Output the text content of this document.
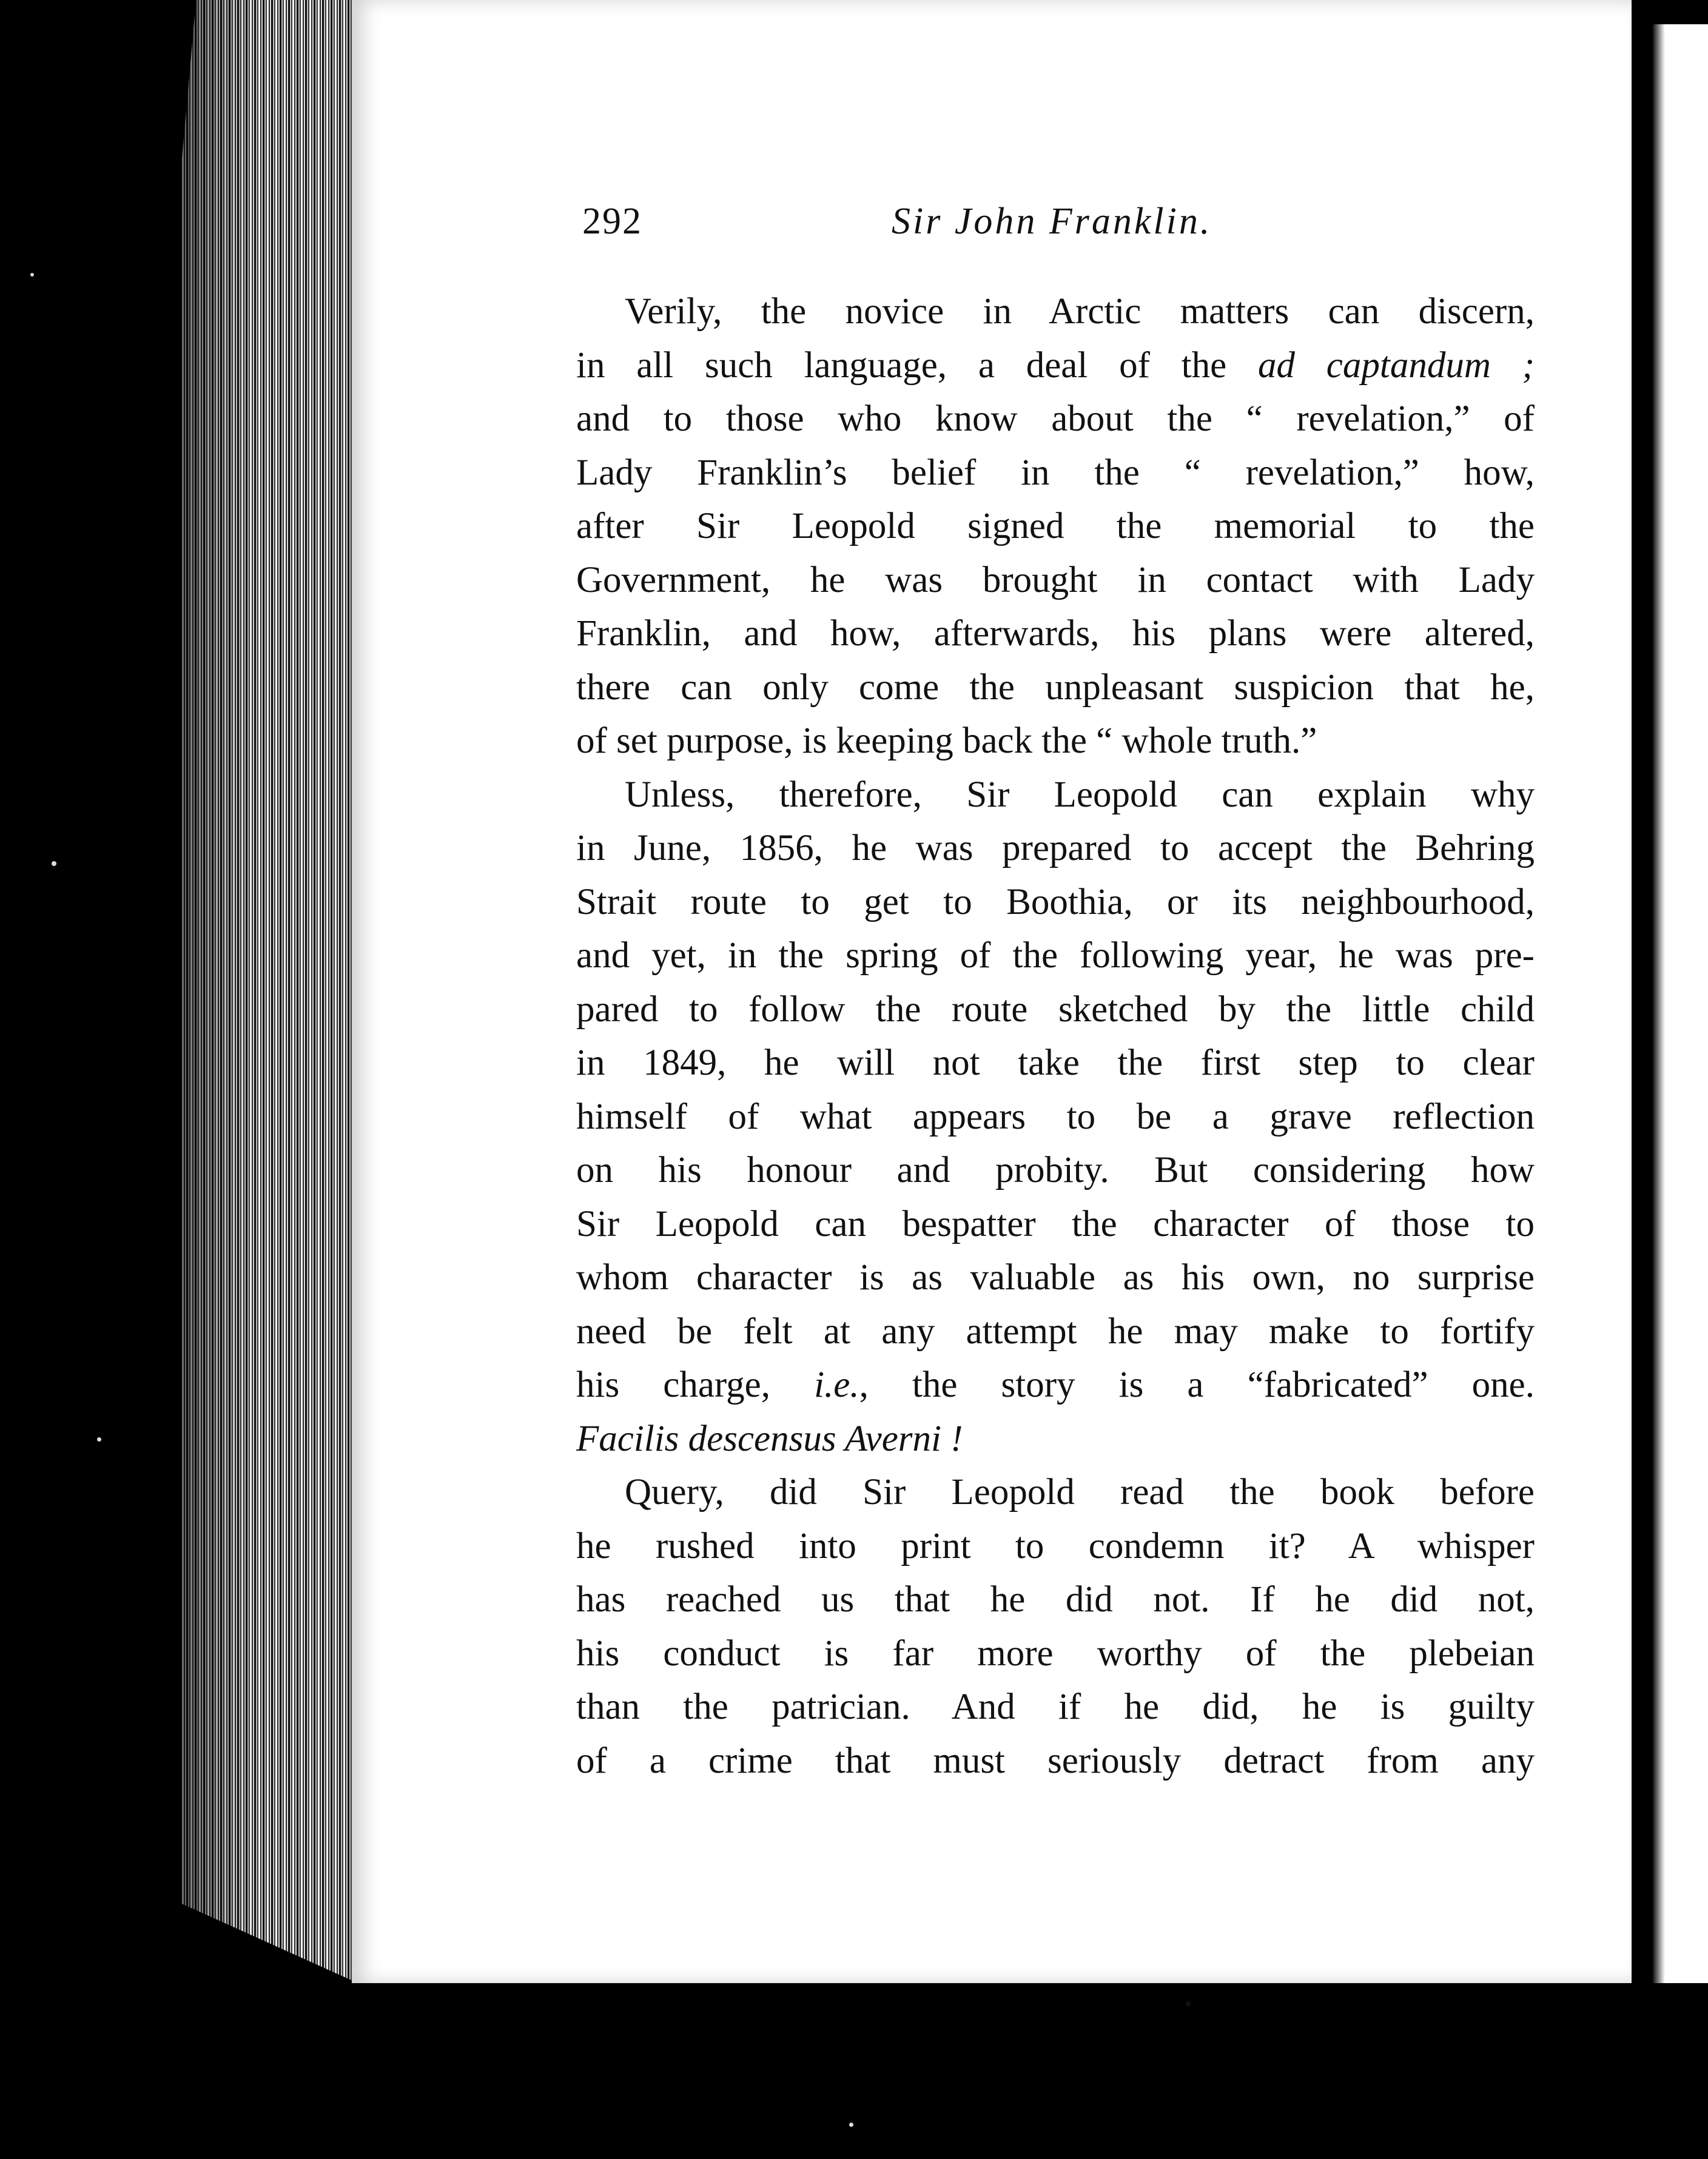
292	Sir John Franklin.
Verily, the novice in Arctic matters can discern,
in all such language, a deal of the ad captandum ;
and to those who know about the “ revelation,” of
Lady Franklin’s belief in the “ revelation,” how,
after Sir Leopold signed the memorial to the
Government, he was brought in contact with Lady
Franklin, and how, afterwards, his plans were altered,
there can only come the unpleasant suspicion that he,
of set purpose, is keeping back the “ whole truth.”
Unless, therefore, Sir Leopold can explain why
in June, 1856, he was prepared to accept the Behring
Strait route to get to Boothia, or its neighbourhood,
and yet, in the spring of the following year, he was pre-
pared to follow the route sketched by the little child
in 1849, he will not take the first step to clear
himself of what appears to be a grave reflection
on his honour and probity. But considering how
Sir Leopold can bespatter the character of those to
whom character is as valuable as his own, no surprise
need be felt at any attempt he may make to fortify
his charge, i.e., the story is a “fabricated” one.
Facilis descensus Averni !
Query, did Sir Leopold read the book before
he rushed into print to condemn it? A whisper
has reached us that he did not. If he did not,
his conduct is far more worthy of the plebeian
than the patrician. And if he did, he is guilty
of a crime that must seriously detract from any
